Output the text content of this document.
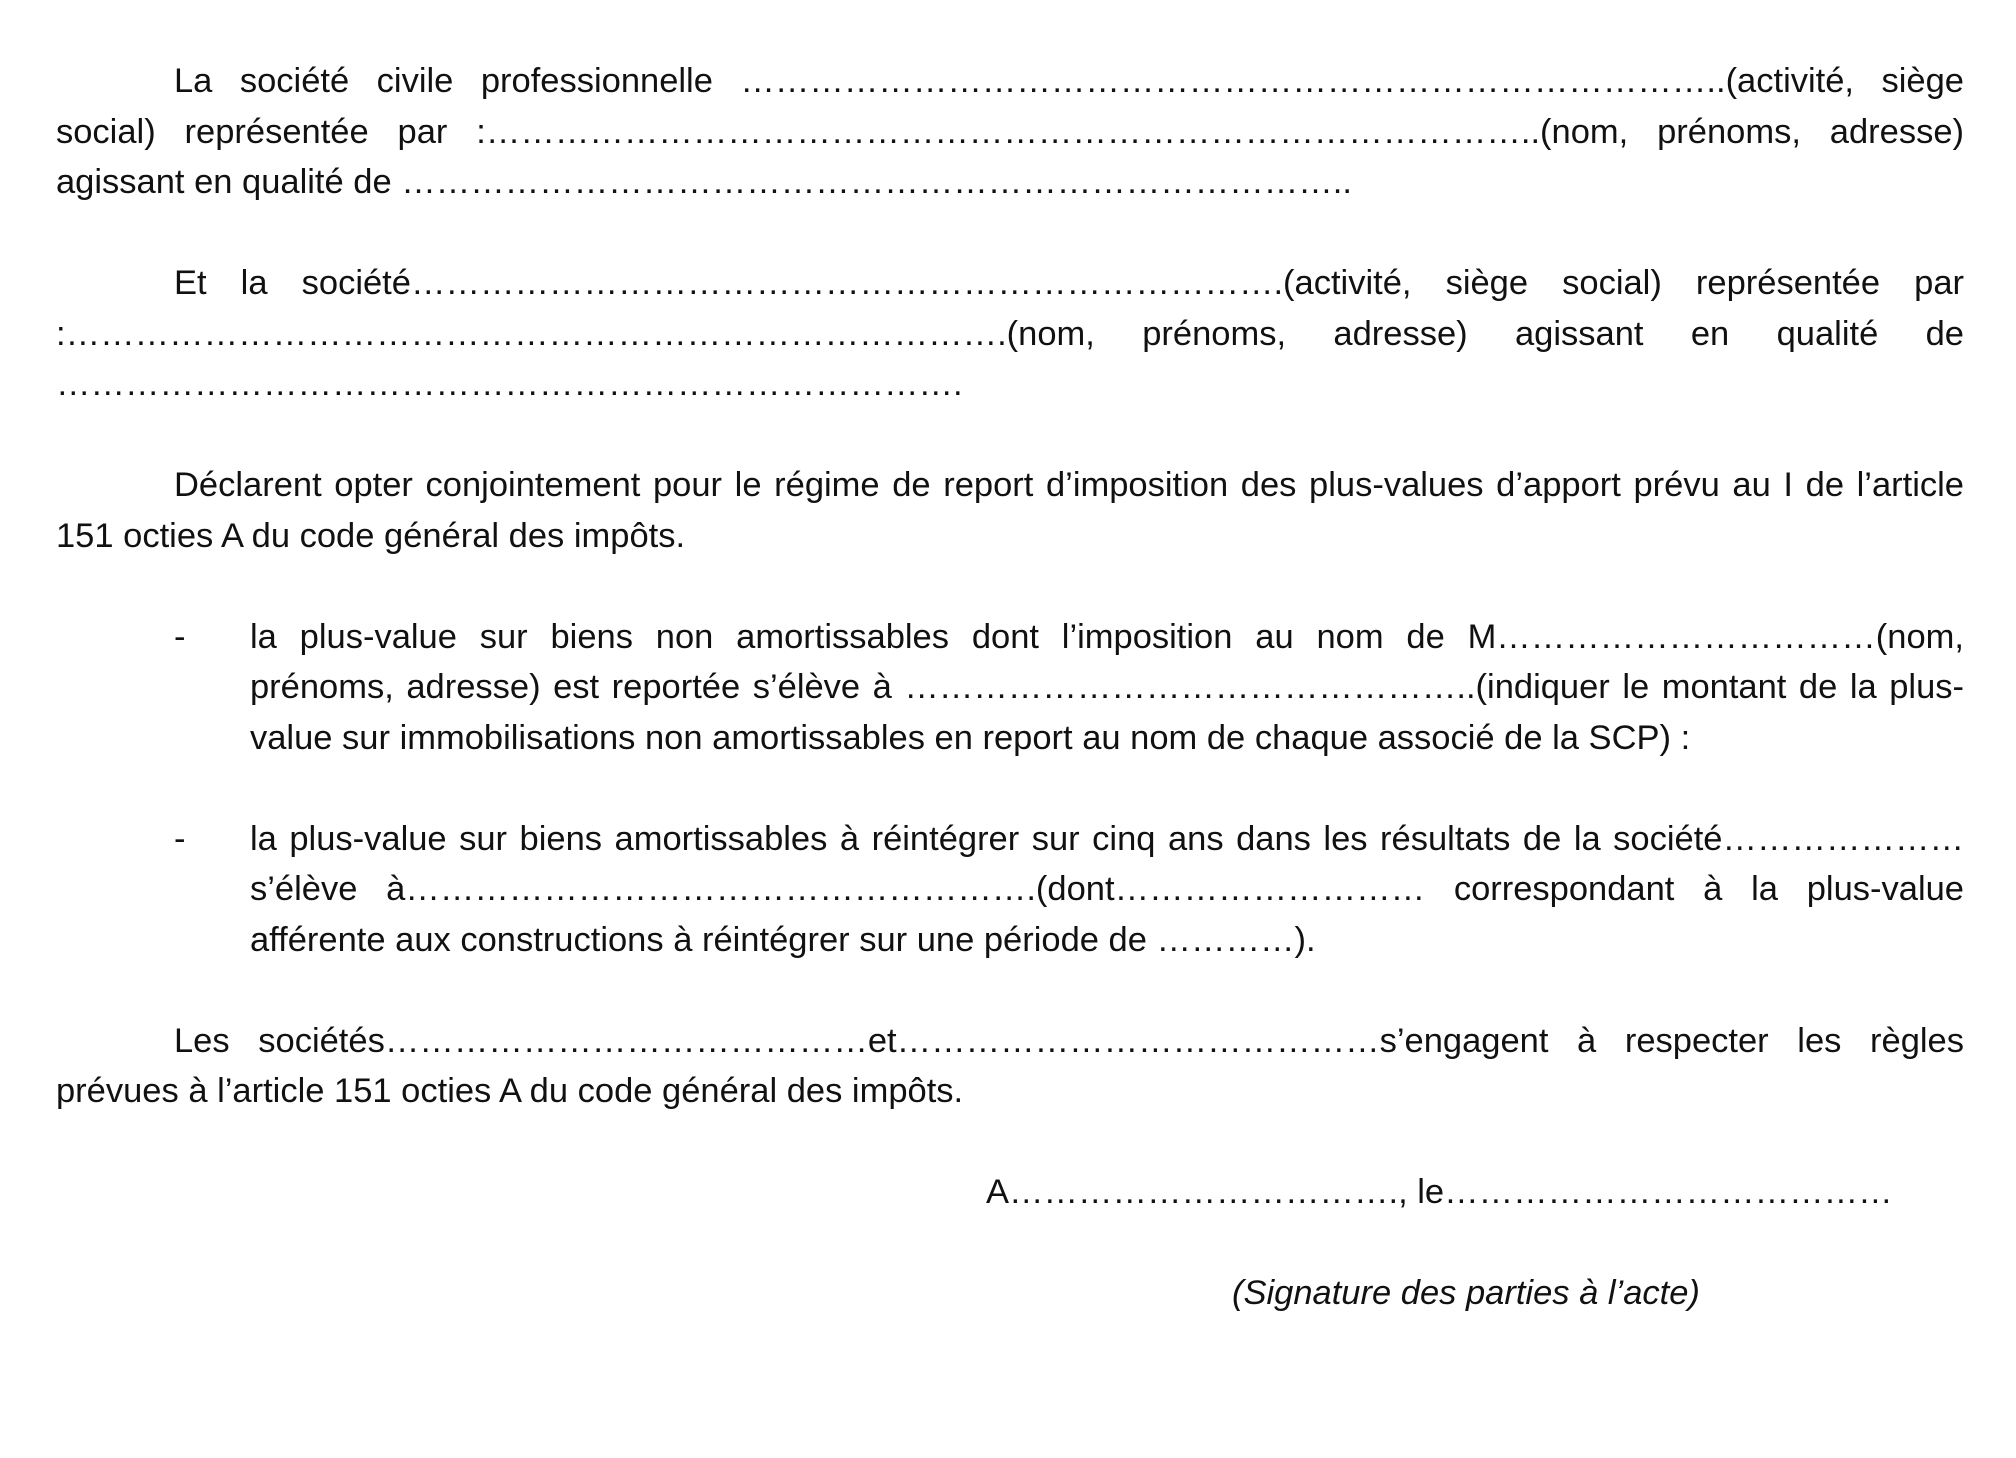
La société civile professionnelle …………………………………………………………………………..(activité, siège social) représentée par :………………………………………………………………………………..(nom, prénoms, adresse) agissant en qualité de ………………………………………………………………………..

Et la société………………………………………………………………….(activité, siège social) représentée par :……………………………………………………………………….(nom, prénoms, adresse) agissant en qualité de …………………………………………………………………….

Déclarent opter conjointement pour le régime de report d’imposition des plus-values d’apport prévu au I de l’article 151 octies A du code général des impôts.

- la plus-value sur biens non amortissables dont l’imposition au nom de M……………………………(nom, prénoms, adresse) est reportée s’élève à …………………………………………..(indiquer le montant de la plus-value sur immobilisations non amortissables en report au nom de chaque associé de la SCP) :
- la plus-value sur biens amortissables à réintégrer sur cinq ans dans les résultats de la société…………………s’élève à……………………………………………….(dont……………………… correspondant à la plus-value afférente aux constructions à réintégrer sur une période de …………).

Les sociétés……………………………………et……………………………………s’engagent à respecter les règles prévues à l’article 151 octies A du code général des impôts.

A……………………………., le…………………………………

(Signature des parties à l’acte)
